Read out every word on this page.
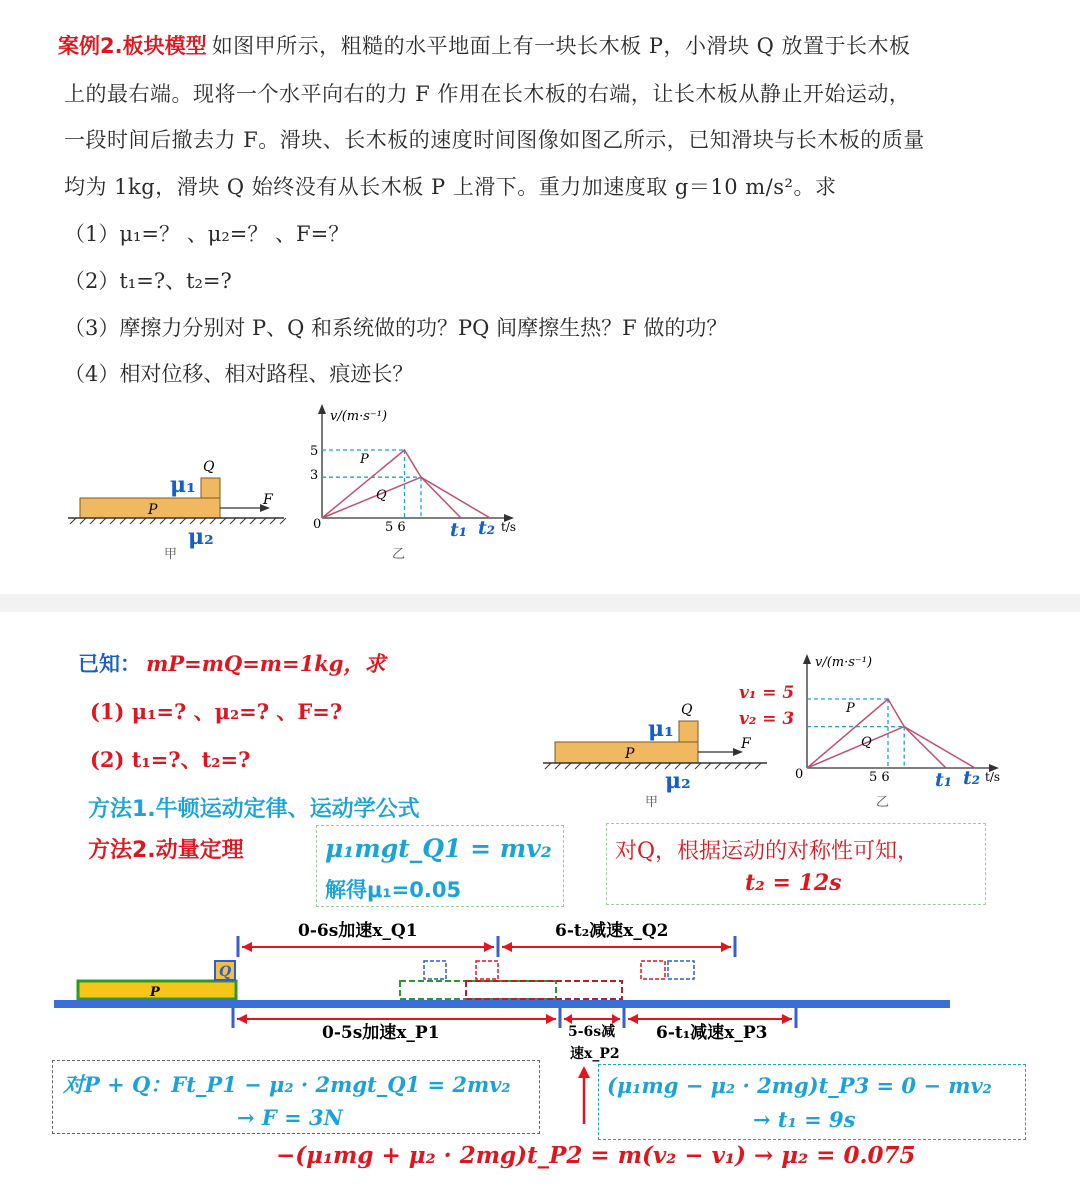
案例2.板块模型 如图甲所示，粗糙的水平地面上有一块长木板 P，小滑块 Q 放置于长木板
上的最右端。现将一个水平向右的力 F 作用在长木板的右端，让长木板从静止开始运动，
一段时间后撤去力 F。滑块、长木板的速度时间图像如图乙所示，已知滑块与长木板的质量
均为 1kg，滑块 Q 始终没有从长木板 P 上滑下。重力加速度取 g＝10 m/s²。求
（1）μ₁=？ 、μ₂=？ 、F=？
（2）t₁=?、t₂=?
（3）摩擦力分别对 P、Q 和系统做的功？PQ 间摩擦生热？F 做的功？
（4）相对位移、相对路程、痕迹长？
F
P
Q
μ₁
μ₂
甲
v/(m·s⁻¹)
5
3
0	5 6 t₁ t₂ t/s
P
Q
乙
已知： mP=mQ=m=1kg，求
(1) μ₁=? 、μ₂=? 、F=?
(2) t₁=?、t₂=?
方法1.牛顿运动定律、运动学公式
方法2.动量定理
F
P
Q
μ₁
μ₂
甲
v/(m·s⁻¹)
v₁ = 5
v₂ = 3
0	5 6 t₁ t₂ t/s
P
Q
乙
μ₁mgt_Q1 = mv₂
解得μ₁=0.05
对Q，根据运动的对称性可知，
t₂ = 12s
0-6s加速x_Q1	6-t₂减速x_Q2
Q
P
0-5s加速x_P1	5-6s减
速x_P2
6-t₁减速x_P3
对P + Q：Ft_P1 − μ₂ · 2mgt_Q1 = 2mv₂
→ F = 3N
(μ₁mg − μ₂ · 2mg)t_P3 = 0 − mv₂
→ t₁ = 9s
−(μ₁mg + μ₂ · 2mg)t_P2 = m(v₂ − v₁) → μ₂ = 0.075
